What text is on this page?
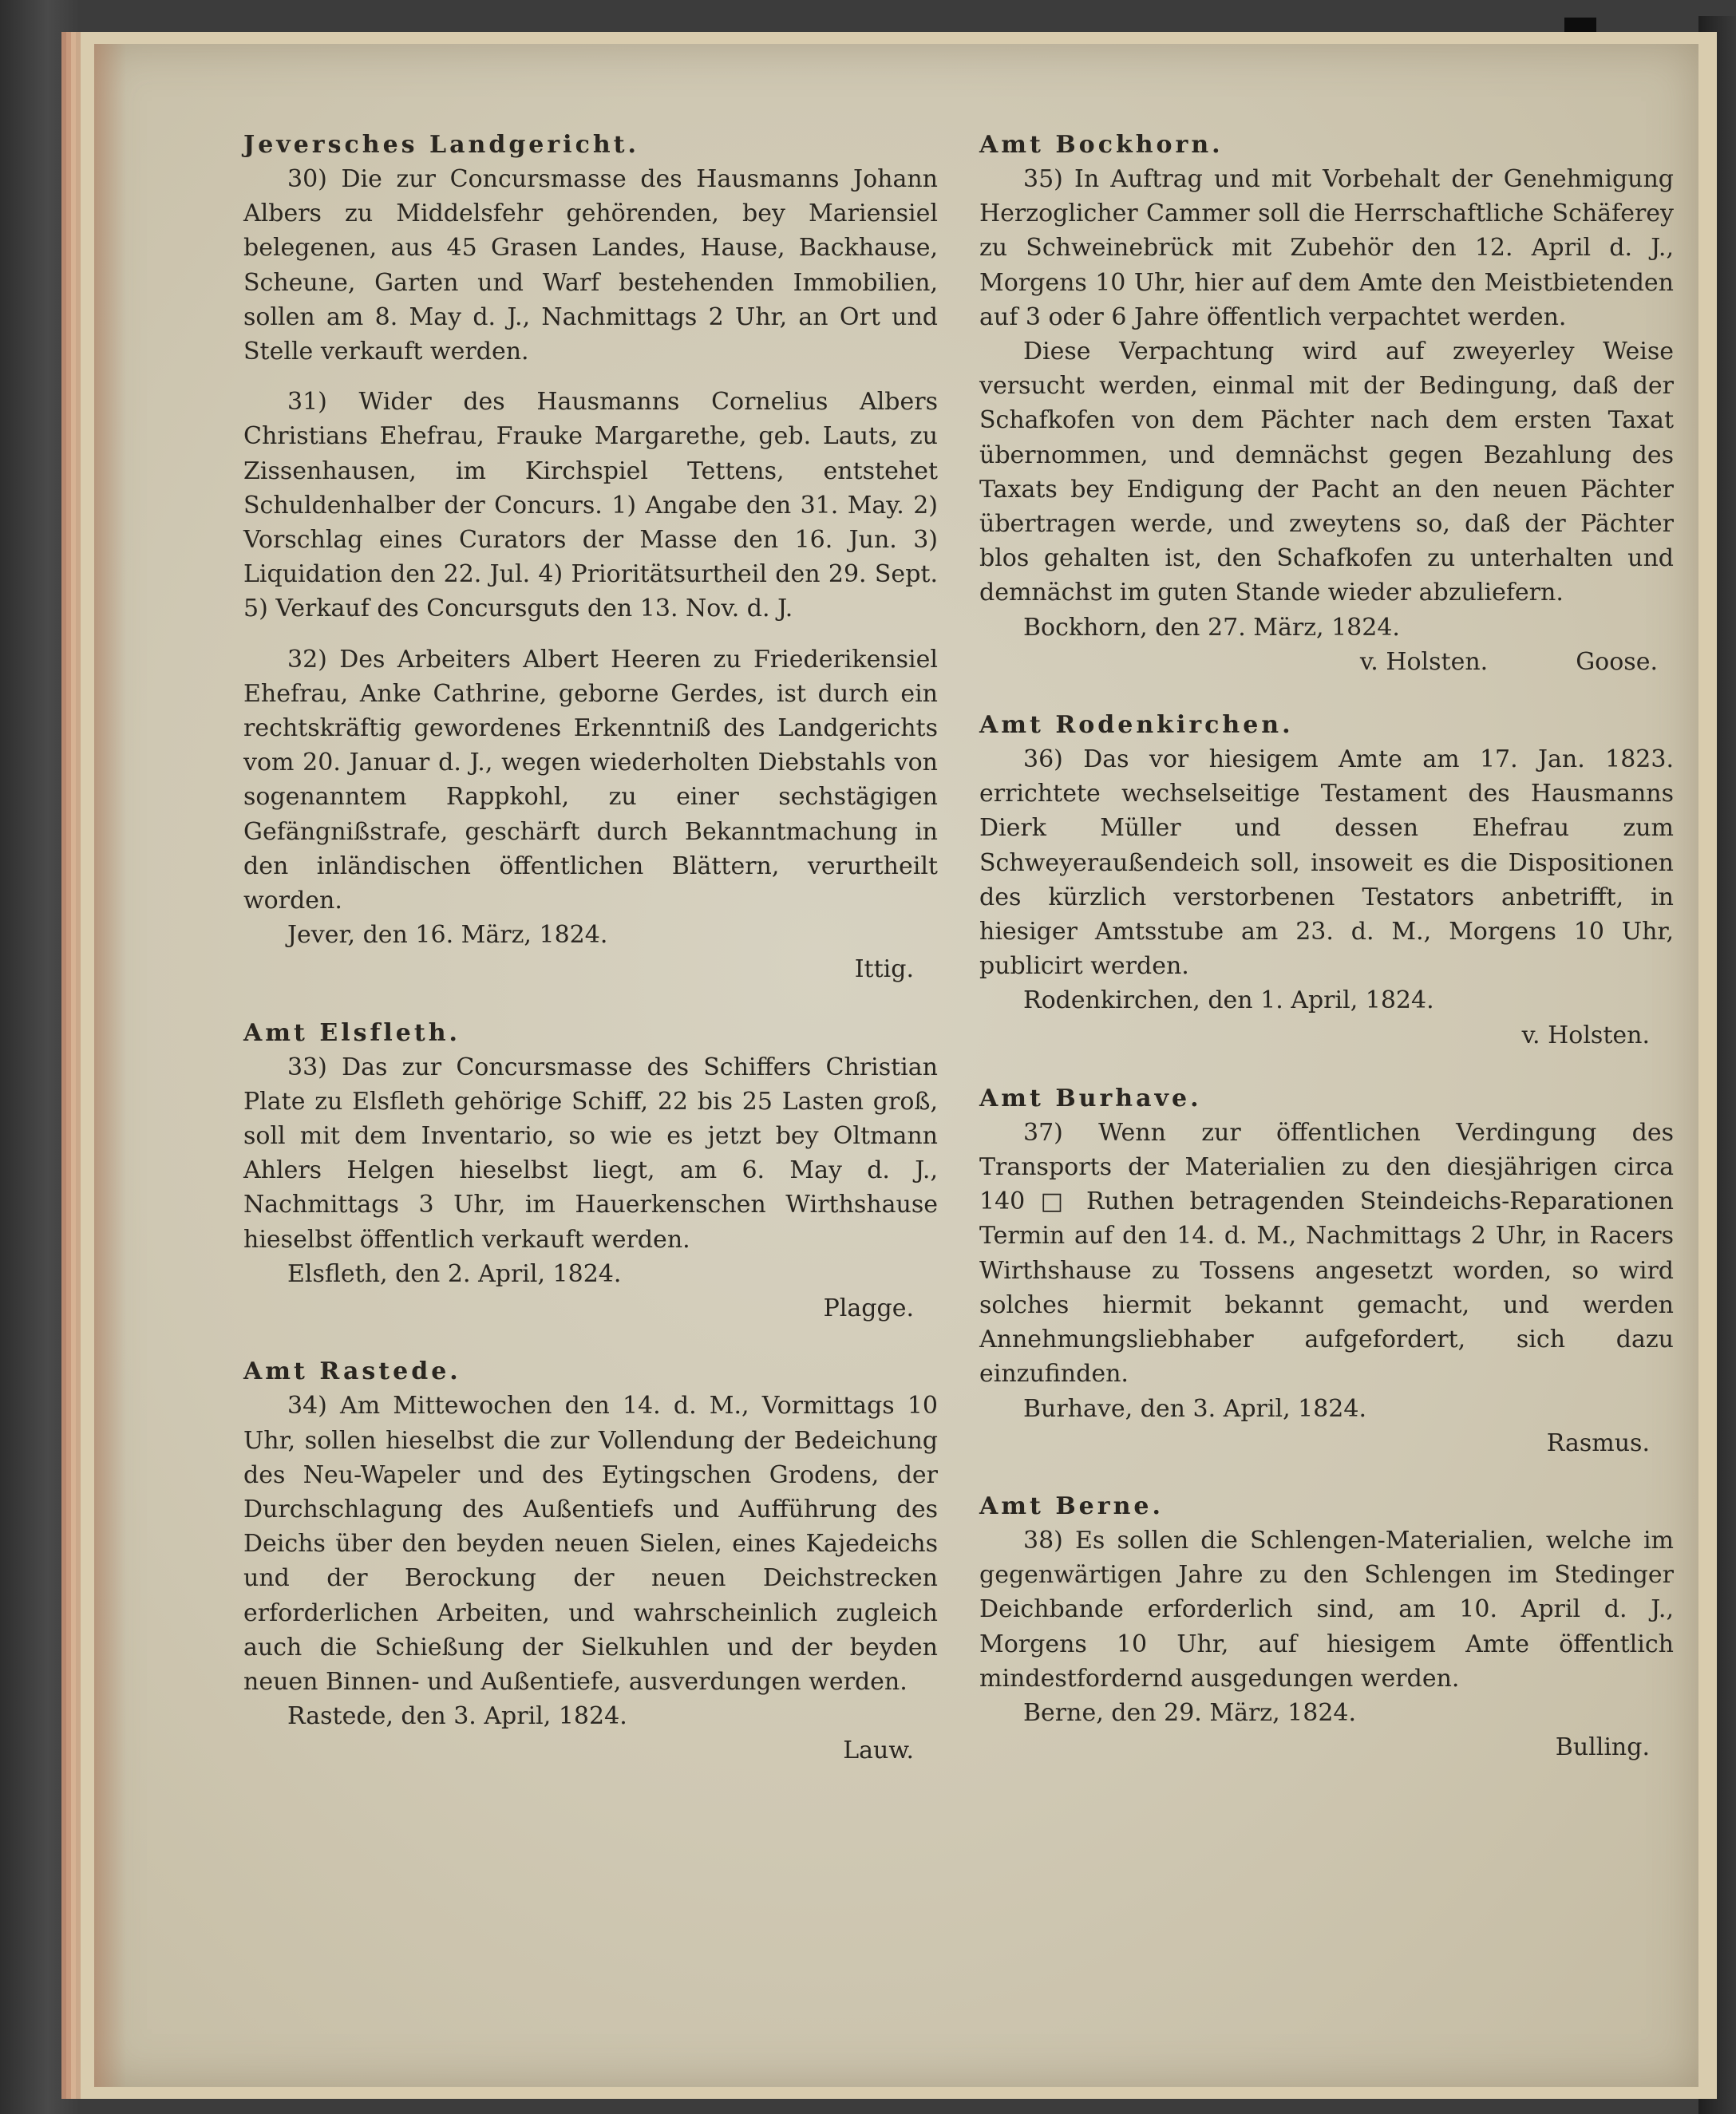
Jeversches Landgericht.

30) Die zur Concursmasse des Hausmanns Johann Albers zu Middelsfehr gehörenden, bey Mariensiel belegenen, aus 45 Grasen Landes, Hause, Backhause, Scheune, Garten und Warf bestehenden Immobilien, sollen am 8. May d. J., Nachmittags 2 Uhr, an Ort und Stelle verkauft werden.

31) Wider des Hausmanns Cornelius Albers Christians Ehefrau, Frauke Margarethe, geb. Lauts, zu Zissenhausen, im Kirchspiel Tettens, entstehet Schuldenhalber der Concurs. 1) Angabe den 31. May. 2) Vorschlag eines Curators der Masse den 16. Jun. 3) Liquidation den 22. Jul. 4) Prioritätsurtheil den 29. Sept. 5) Verkauf des Concursguts den 13. Nov. d. J.

32) Des Arbeiters Albert Heeren zu Friederikensiel Ehefrau, Anke Cathrine, geborne Gerdes, ist durch ein rechtskräftig gewordenes Erkenntniß des Landgerichts vom 20. Januar d. J., wegen wiederholten Diebstahls von sogenanntem Rappkohl, zu einer sechstägigen Gefängnißstrafe, geschärft durch Bekanntmachung in den inländischen öffentlichen Blättern, verurtheilt worden.

Jever, den 16. März, 1824.

Ittig.

Amt Elsfleth.

33) Das zur Concursmasse des Schiffers Christian Plate zu Elsfleth gehörige Schiff, 22 bis 25 Lasten groß, soll mit dem Inventario, so wie es jetzt bey Oltmann Ahlers Helgen hieselbst liegt, am 6. May d. J., Nachmittags 3 Uhr, im Hauerkenschen Wirthshause hieselbst öffentlich verkauft werden.

Elsfleth, den 2. April, 1824.

Plagge.

Amt Rastede.

34) Am Mittewochen den 14. d. M., Vormittags 10 Uhr, sollen hieselbst die zur Vollendung der Bedeichung des Neu-Wapeler und des Eytingschen Grodens, der Durchschlagung des Außentiefs und Aufführung des Deichs über den beyden neuen Sielen, eines Kajedeichs und der Berockung der neuen Deichstrecken erforderlichen Arbeiten, und wahrscheinlich zugleich auch die Schießung der Sielkuhlen und der beyden neuen Binnen- und Außentiefe, ausverdungen werden.

Rastede, den 3. April, 1824.

Lauw.

Amt Bockhorn.

35) In Auftrag und mit Vorbehalt der Genehmigung Herzoglicher Cammer soll die Herrschaftliche Schäferey zu Schweinebrück mit Zubehör den 12. April d. J., Morgens 10 Uhr, hier auf dem Amte den Meistbietenden auf 3 oder 6 Jahre öffentlich verpachtet werden.

Diese Verpachtung wird auf zweyerley Weise versucht werden, einmal mit der Bedingung, daß der Schafkofen von dem Pächter nach dem ersten Taxat übernommen, und demnächst gegen Bezahlung des Taxats bey Endigung der Pacht an den neuen Pächter übertragen werde, und zweytens so, daß der Pächter blos gehalten ist, den Schafkofen zu unterhalten und demnächst im guten Stande wieder abzuliefern.

Bockhorn, den 27. März, 1824.

v. Holsten.	Goose.

Amt Rodenkirchen.

36) Das vor hiesigem Amte am 17. Jan. 1823. errichtete wechselseitige Testament des Hausmanns Dierk Müller und dessen Ehefrau zum Schweyeraußendeich soll, insoweit es die Dispositionen des kürzlich verstorbenen Testators anbetrifft, in hiesiger Amtsstube am 23. d. M., Morgens 10 Uhr, publicirt werden.

Rodenkirchen, den 1. April, 1824.

v. Holsten.

Amt Burhave.

37) Wenn zur öffentlichen Verdingung des Transports der Materialien zu den diesjährigen circa 140 □ Ruthen betragenden Steindeichs-Reparationen Termin auf den 14. d. M., Nachmittags 2 Uhr, in Racers Wirthshause zu Tossens angesetzt worden, so wird solches hiermit bekannt gemacht, und werden Annehmungsliebhaber aufgefordert, sich dazu einzufinden.

Burhave, den 3. April, 1824.

Rasmus.

Amt Berne.

38) Es sollen die Schlengen-Materialien, welche im gegenwärtigen Jahre zu den Schlengen im Stedinger Deichbande erforderlich sind, am 10. April d. J., Morgens 10 Uhr, auf hiesigem Amte öffentlich mindestfordernd ausgedungen werden.

Berne, den 29. März, 1824.

Bulling.
